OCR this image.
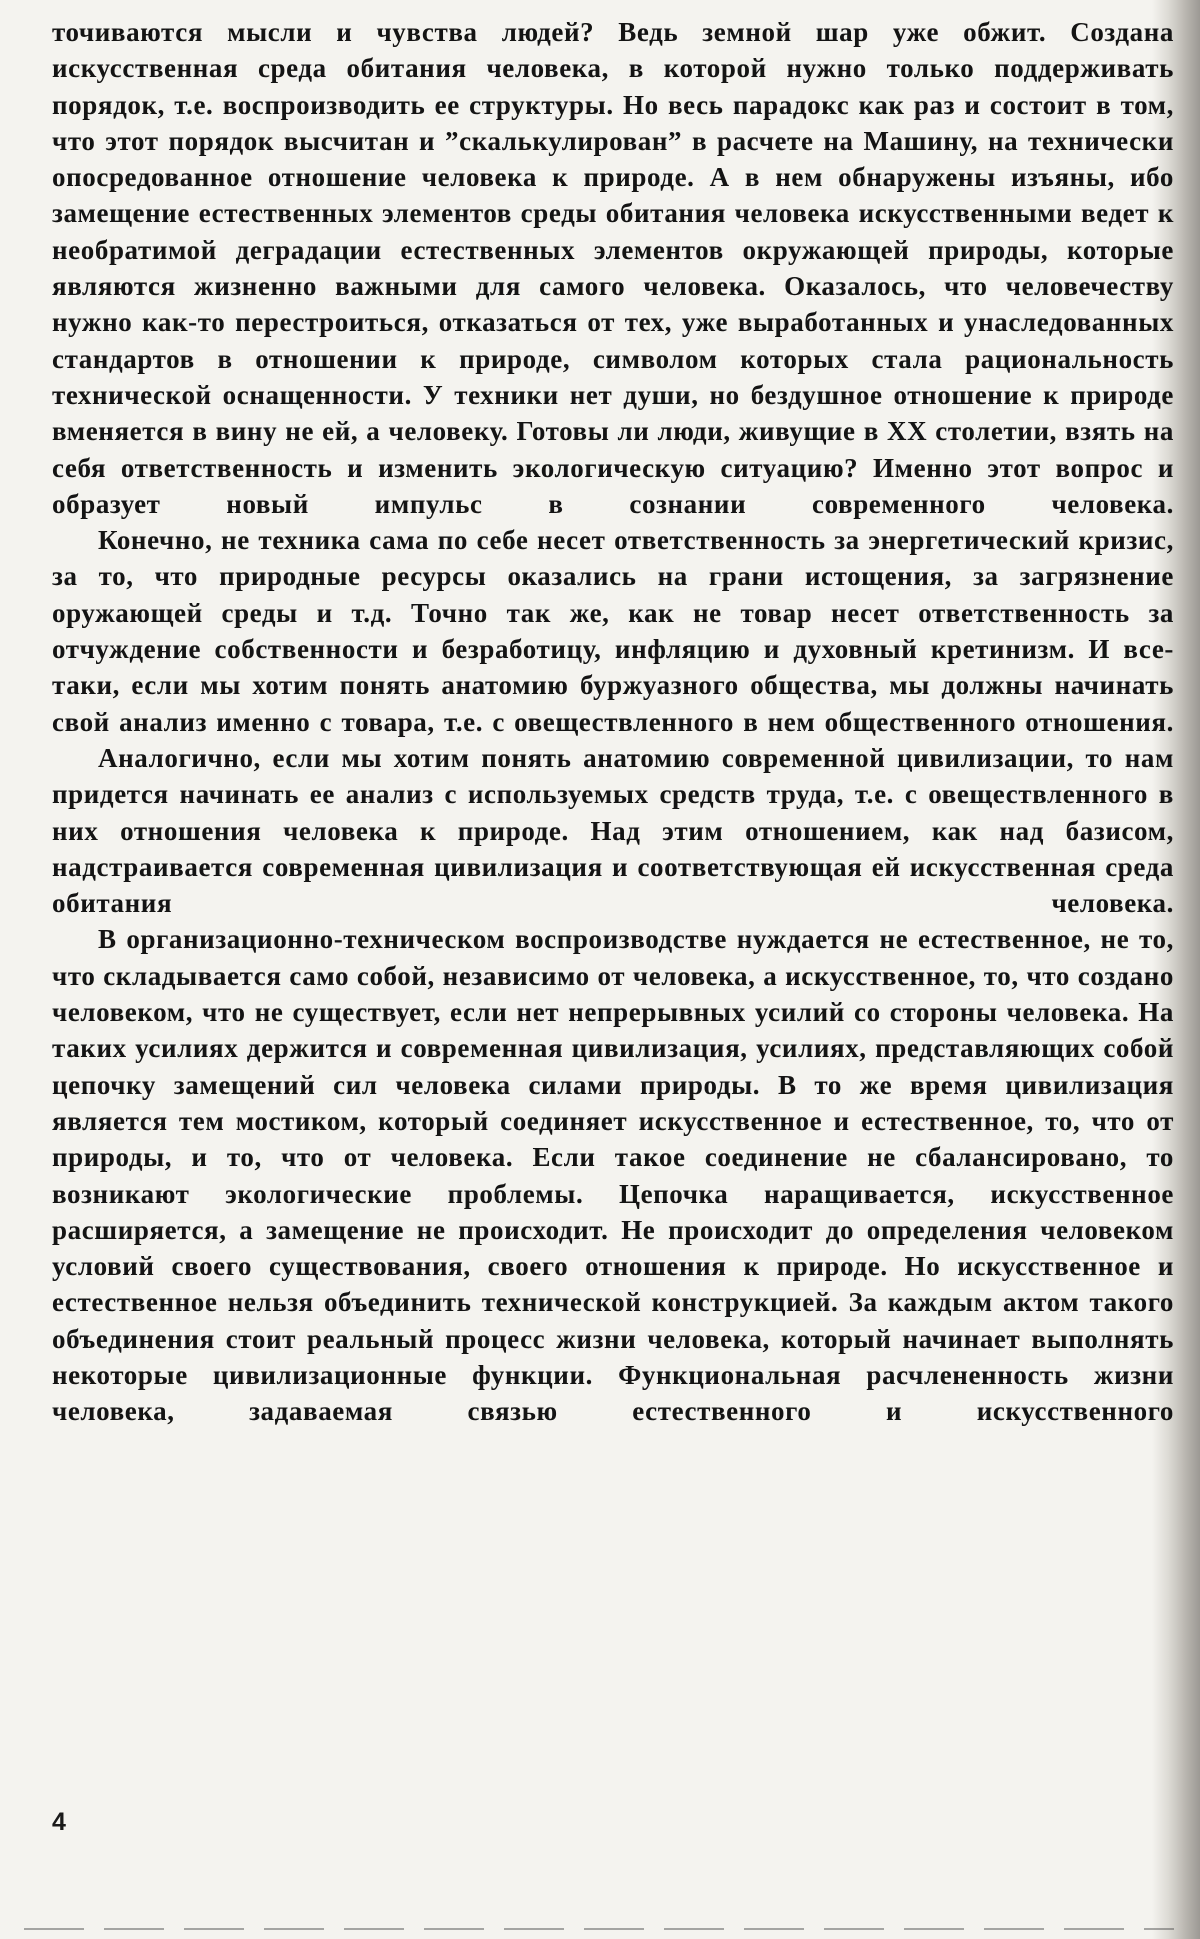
точиваются мысли и чувства людей? Ведь земной шар уже обжит. Создана искусственная среда обитания человека, в которой нужно только поддерживать порядок, т.е. воспроизводить ее структуры. Но весь парадокс как раз и состоит в том, что этот порядок высчитан и ”скалькулирован” в расчете на Машину, на технически опосредованное отношение человека к природе. А в нем обнаружены изъяны, ибо замещение естественных элементов среды обитания человека искусственными ведет к необратимой деградации естественных элементов окружающей природы, которые являются жизненно важными для самого человека. Оказалось, что человечеству нужно как-то перестроиться, отказаться от тех, уже выработанных и унаследованных стандартов в отношении к природе, символом которых стала рациональность технической оснащенности. У техники нет души, но бездушное отношение к природе вменяется в вину не ей, а человеку. Готовы ли люди, живущие в XX столетии, взять на себя ответственность и изменить экологическую ситуацию? Именно этот вопрос и образует новый импульс в сознании современного человека.

Конечно, не техника сама по себе несет ответственность за энергетический кризис, за то, что природные ресурсы оказались на грани истощения, за загрязнение оружающей среды и т.д. Точно так же, как не товар несет ответственность за отчуждение собственности и безработицу, инфляцию и духовный кретинизм. И все-таки, если мы хотим понять анатомию буржуазного общества, мы должны начинать свой анализ именно с товара, т.е. с овеществленного в нем общественного отношения.

Аналогично, если мы хотим понять анатомию современной цивилизации, то нам придется начинать ее анализ с используемых средств труда, т.е. с овеществленного в них отношения человека к природе. Над этим отношением, как над базисом, надстраивается современная цивилизация и соответствующая ей искусственная среда обитания человека.

В организационно-техническом воспроизводстве нуждается не естественное, не то, что складывается само собой, независимо от человека, а искусственное, то, что создано человеком, что не существует, если нет непрерывных усилий со стороны человека. На таких усилиях держится и современная цивилизация, усилиях, представляющих собой цепочку замещений сил человека силами природы. В то же время цивилизация является тем мостиком, который соединяет искусственное и естественное, то, что от природы, и то, что от человека. Если такое соединение не сбалансировано, то возникают экологические проблемы. Цепочка наращивается, искусственное расширяется, а замещение не происходит. Не происходит до определения человеком условий своего существования, своего отношения к природе. Но искусственное и естественное нельзя объединить технической конструкцией. За каждым актом такого объединения стоит реальный процесс жизни человека, который начинает выполнять некоторые цивилизационные функции. Функциональная расчлененность жизни человека, задаваемая связью естественного и искусственного

4
